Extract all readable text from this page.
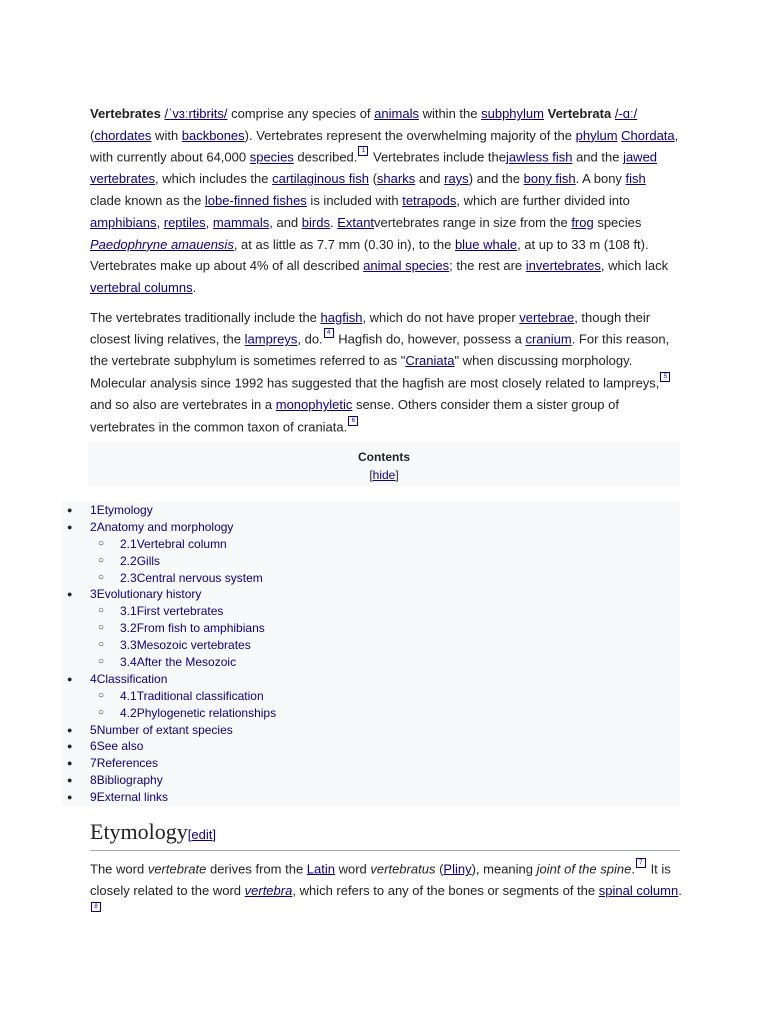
Vertebrates /ˈvɜːrtɨbrɨts/ comprise any species of animals within the subphylum Vertebrata /-ɑː/ (chordates with backbones). Vertebrates represent the overwhelming majority of the phylum Chordata, with currently about 64,000 species described. 1 Vertebrates include thejawless fish and the jawed vertebrates, which includes the cartilaginous fish (sharks and rays) and the bony fish. A bony fish clade known as the lobe-finned fishes is included with tetrapods, which are further divided into amphibians, reptiles, mammals, and birds. Extantvertebrates range in size from the frog species Paedophryne amauensis, at as little as 7.7 mm (0.30 in), to the blue whale, at up to 33 m (108 ft). Vertebrates make up about 4% of all described animal species; the rest are invertebrates, which lack vertebral columns.

The vertebrates traditionally include the hagfish, which do not have proper vertebrae, though their closest living relatives, the lampreys, do. 4 Hagfish do, however, possess a cranium. For this reason, the vertebrate subphylum is sometimes referred to as "Craniata" when discussing morphology. Molecular analysis since 1992 has suggested that the hagfish are most closely related to lampreys, 5 and so also are vertebrates in a monophyletic sense. Others consider them a sister group of vertebrates in the common taxon of craniata. 6

Contents
[hide]
● 1Etymology
● 2Anatomy and morphology
○ 2.1Vertebral column
○ 2.2Gills
○ 2.3Central nervous system
● 3Evolutionary history
○ 3.1First vertebrates
○ 3.2From fish to amphibians
○ 3.3Mesozoic vertebrates
○ 3.4After the Mesozoic
● 4Classification
○ 4.1Traditional classification
○ 4.2Phylogenetic relationships
● 5Number of extant species
● 6See also
● 7References
● 8Bibliography
● 9External links
Etymology[edit]
The word vertebrate derives from the Latin word vertebratus (Pliny), meaning joint of the spine. 7 It is closely related to the word vertebra, which refers to any of the bones or segments of the spinal column.8
